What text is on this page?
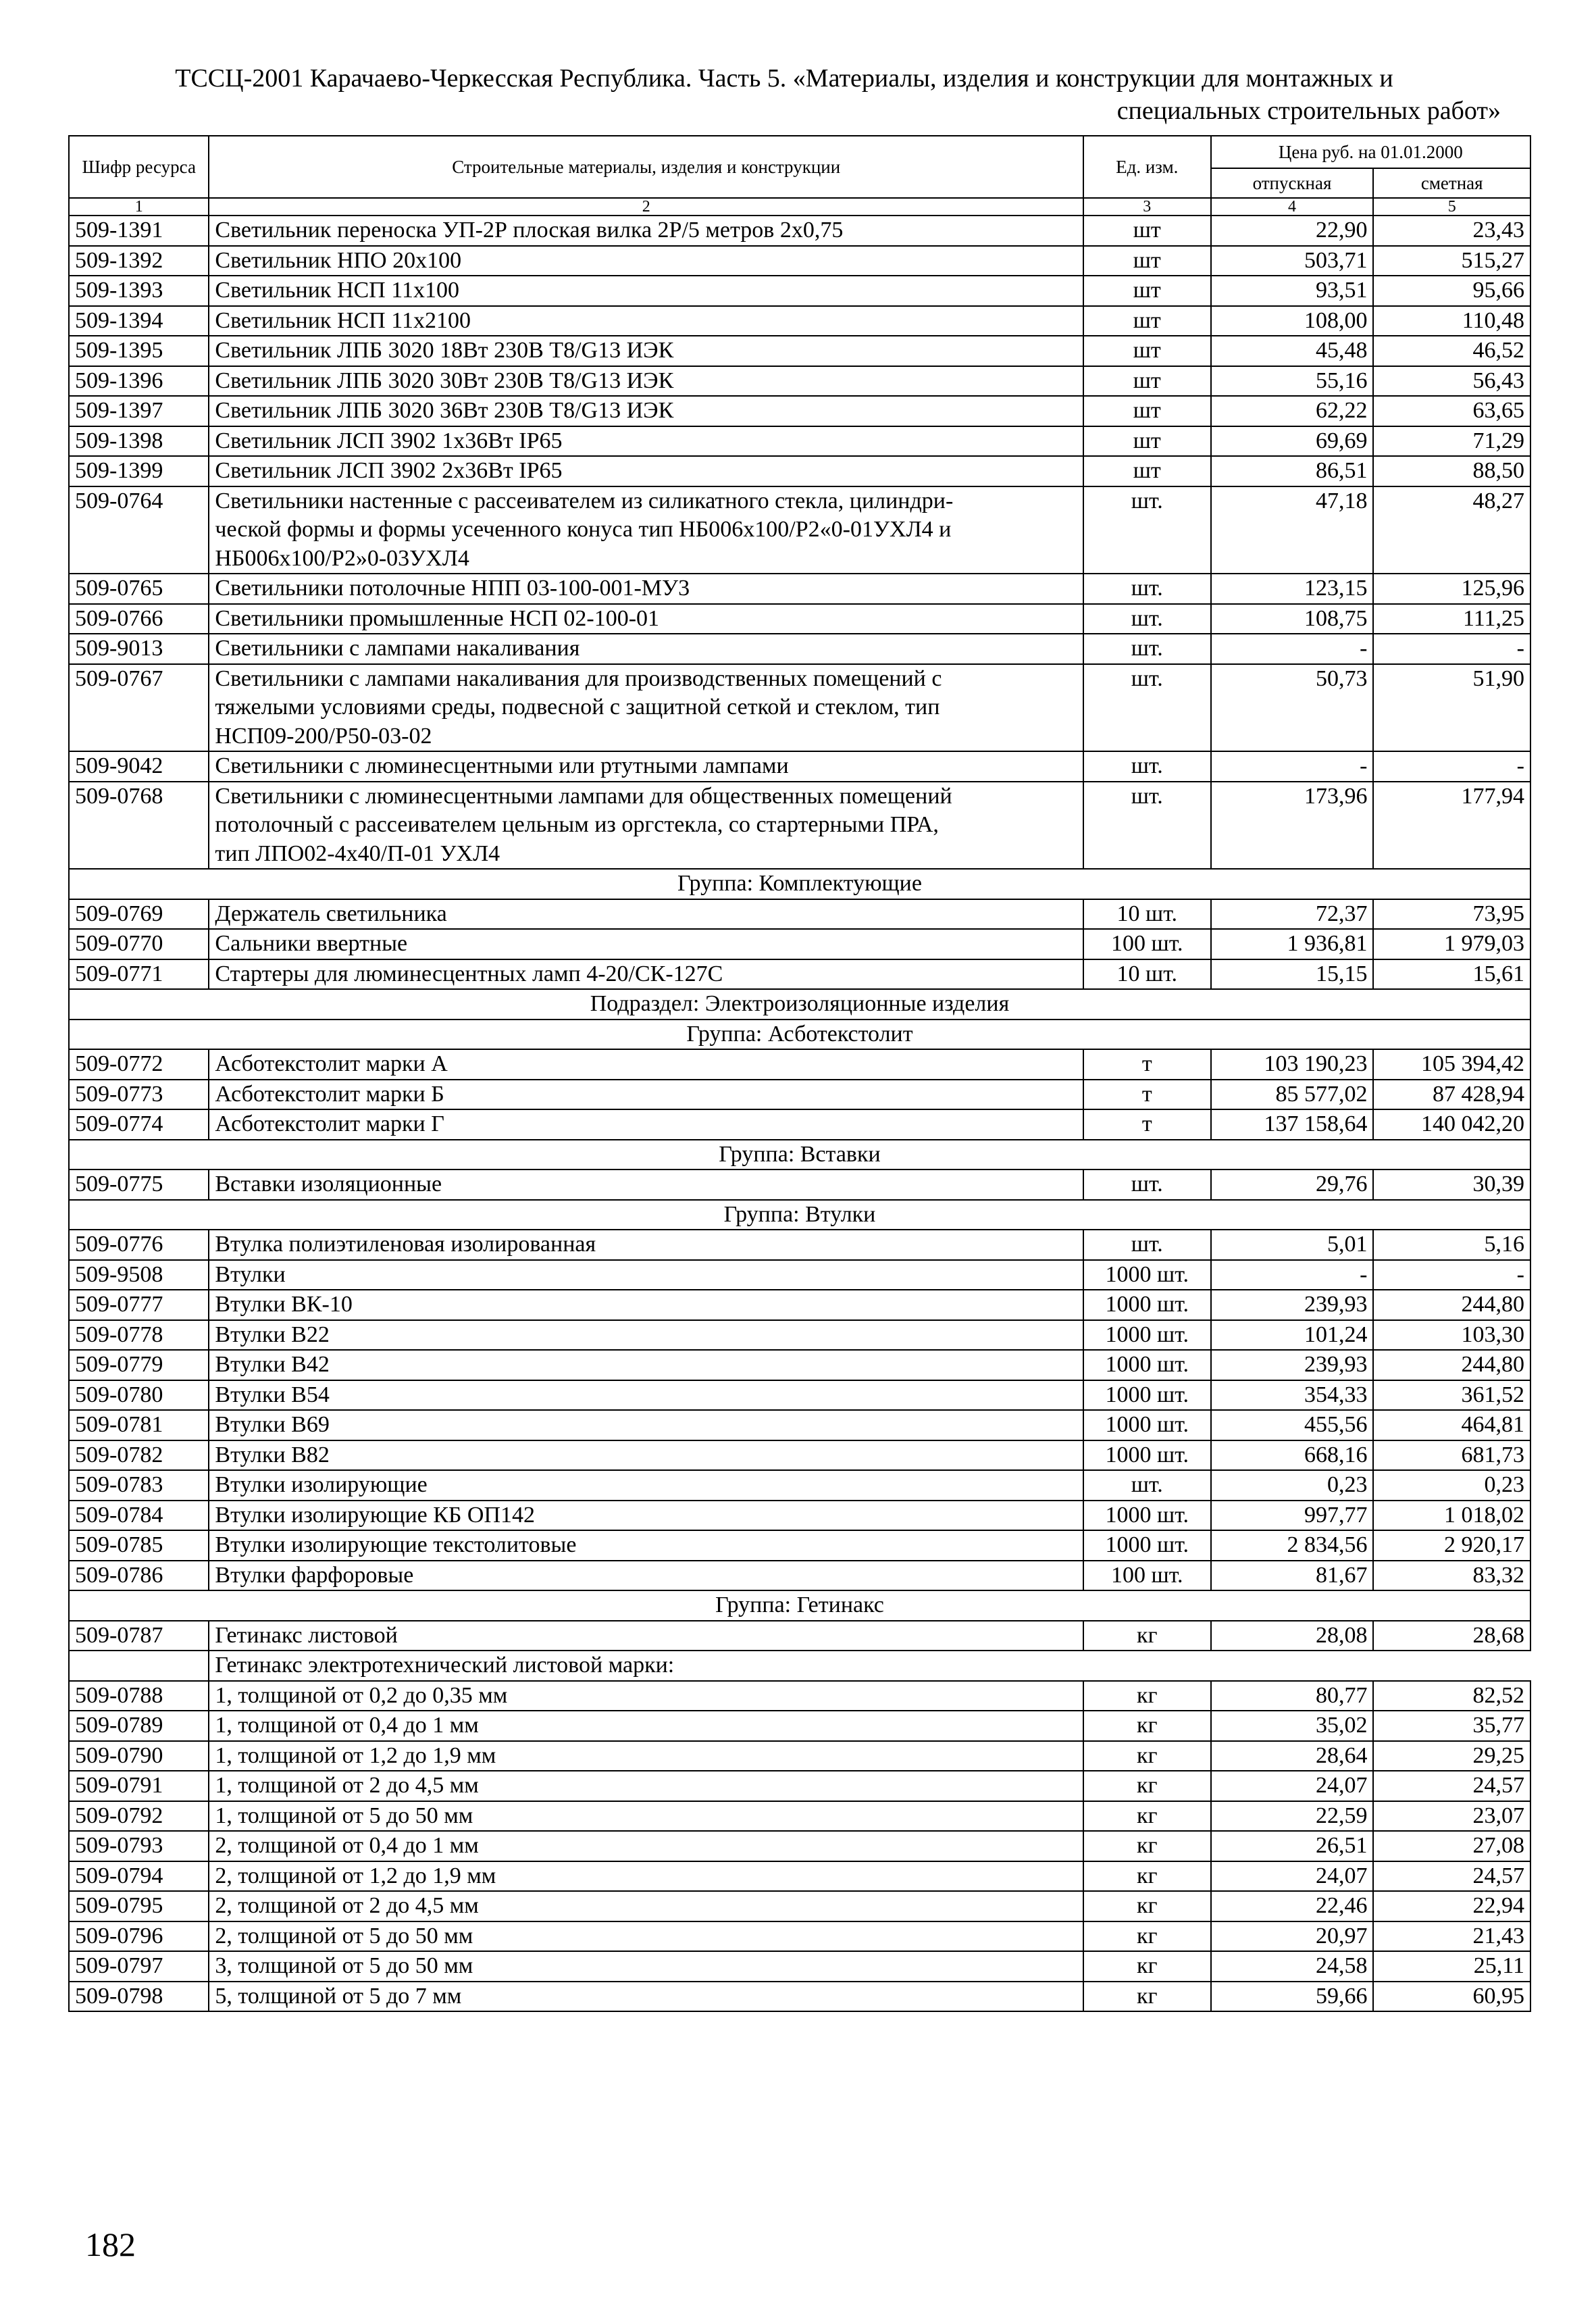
ТССЦ-2001 Карачаево-Черкесская Республика. Часть 5. «Материалы, изделия и конструкции для монтажных и
специальных строительных работ»
Шифр ресурса	Строительные материалы, изделия и конструкции	Ед. изм.	Цена руб. на 01.01.2000	
			отпускная	сметная
1	2	3	4	5
509-1391	Светильник переноска УП-2Р плоская вилка 2Р/5 метров 2х0,75	шт	22,90	23,43
509-1392	Светильник НПО 20х100	шт	503,71	515,27
509-1393	Светильник НСП 11х100	шт	93,51	95,66
509-1394	Светильник НСП 11х2100	шт	108,00	110,48
509-1395	Светильник ЛПБ 3020 18Вт 230В Т8/G13 ИЭК	шт	45,48	46,52
509-1396	Светильник ЛПБ 3020 30Вт 230В Т8/G13 ИЭК	шт	55,16	56,43
509-1397	Светильник ЛПБ 3020 36Вт 230В Т8/G13 ИЭК	шт	62,22	63,65
509-1398	Светильник ЛСП 3902 1х36Вт IP65	шт	69,69	71,29
509-1399	Светильник ЛСП 3902 2х36Вт IP65	шт	86,51	88,50
509-0764	Светильники настенные с рассеивателем из силикатного стекла, цилиндри-
ческой формы и формы усеченного конуса тип НБ006х100/Р2«0-01УХЛ4 и
НБ006х100/Р2»0-03УХЛ4	шт.	47,18	48,27
509-0765	Светильники потолочные НПП 03-100-001-МУ3	шт.	123,15	125,96
509-0766	Светильники промышленные НСП 02-100-01	шт.	108,75	111,25
509-9013	Светильники с лампами накаливания	шт.	-	-
509-0767	Светильники с лампами накаливания для производственных помещений с
тяжелыми условиями среды, подвесной с защитной сеткой и стеклом, тип
НСП09-200/Р50-03-02	шт.	50,73	51,90
509-9042	Светильники с люминесцентными или ртутными лампами	шт.	-	-
509-0768	Светильники с люминесцентными лампами для общественных помещений
потолочный с рассеивателем цельным из оргстекла, со стартерными ПРА,
тип ЛПО02-4х40/П-01 УХЛ4	шт.	173,96	177,94
Группа: Комплектующие				
509-0769	Держатель светильника	10 шт.	72,37	73,95
509-0770	Сальники ввертные	100 шт.	1 936,81	1 979,03
509-0771	Стартеры для люминесцентных ламп 4-20/СК-127С	10 шт.	15,15	15,61
Подраздел: Электроизоляционные изделия				
Группа: Асботекстолит				
509-0772	Асботекстолит марки А	т	103 190,23	105 394,42
509-0773	Асботекстолит марки Б	т	85 577,02	87 428,94
509-0774	Асботекстолит марки Г	т	137 158,64	140 042,20
Группа: Вставки				
509-0775	Вставки изоляционные	шт.	29,76	30,39
Группа: Втулки				
509-0776	Втулка полиэтиленовая изолированная	шт.	5,01	5,16
509-9508	Втулки	1000 шт.	-	-
509-0777	Втулки ВК-10	1000 шт.	239,93	244,80
509-0778	Втулки В22	1000 шт.	101,24	103,30
509-0779	Втулки В42	1000 шт.	239,93	244,80
509-0780	Втулки В54	1000 шт.	354,33	361,52
509-0781	Втулки В69	1000 шт.	455,56	464,81
509-0782	Втулки В82	1000 шт.	668,16	681,73
509-0783	Втулки изолирующие	шт.	0,23	0,23
509-0784	Втулки изолирующие КБ ОП142	1000 шт.	997,77	1 018,02
509-0785	Втулки изолирующие текстолитовые	1000 шт.	2 834,56	2 920,17
509-0786	Втулки фарфоровые	100 шт.	81,67	83,32
Группа: Гетинакс				
509-0787	Гетинакс листовой	кг	28,08	28,68
	Гетинакс электротехнический листовой марки:			
509-0788	1, толщиной от 0,2 до 0,35 мм	кг	80,77	82,52
509-0789	1, толщиной от 0,4 до 1 мм	кг	35,02	35,77
509-0790	1, толщиной от 1,2 до 1,9 мм	кг	28,64	29,25
509-0791	1, толщиной от 2 до 4,5 мм	кг	24,07	24,57
509-0792	1, толщиной от 5 до 50 мм	кг	22,59	23,07
509-0793	2, толщиной от 0,4 до 1 мм	кг	26,51	27,08
509-0794	2, толщиной от 1,2 до 1,9 мм	кг	24,07	24,57
509-0795	2, толщиной от 2 до 4,5 мм	кг	22,46	22,94
509-0796	2, толщиной от 5 до 50 мм	кг	20,97	21,43
509-0797	3, толщиной от 5 до 50 мм	кг	24,58	25,11
509-0798	5, толщиной от 5 до 7 мм	кг	59,66	60,95
182
